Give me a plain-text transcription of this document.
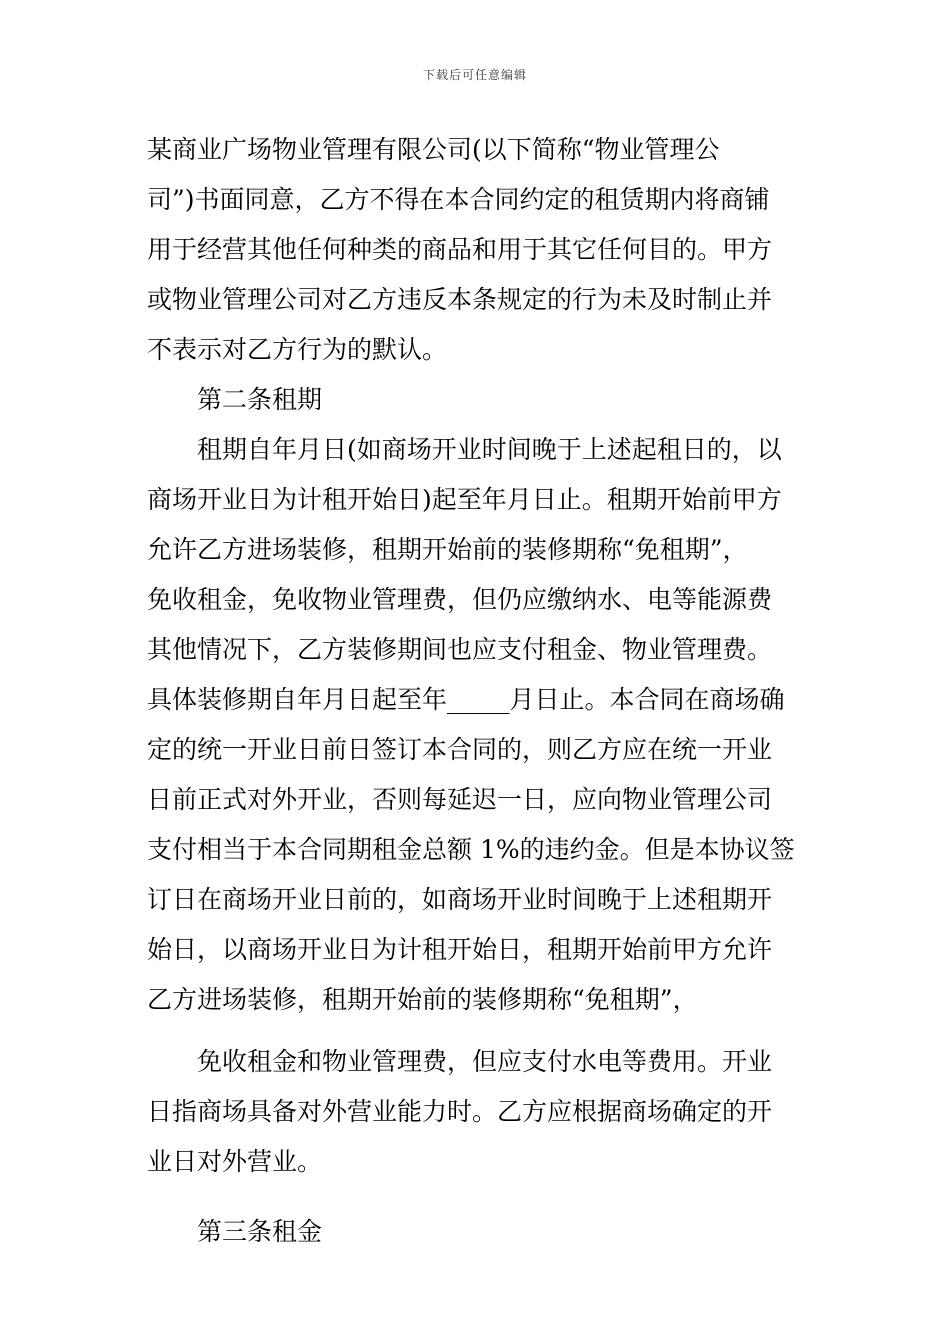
下载后可任意编辑
某商业广场物业管理有限公司(以下简称“物业管理公
司”)书面同意，乙方不得在本合同约定的租赁期内将商铺
用于经营其他任何种类的商品和用于其它任何目的。甲方
或物业管理公司对乙方违反本条规定的行为未及时制止并
不表示对乙方行为的默认。
第二条租期
租期自年月日(如商场开业时间晚于上述起租日的，以
商场开业日为计租开始日)起至年月日止。租期开始前甲方
允许乙方进场装修，租期开始前的装修期称“免租期”，
免收租金，免收物业管理费，但仍应缴纳水、电等能源费
其他情况下，乙方装修期间也应支付租金、物业管理费。
具体装修期自年月日起至年_____月日止。本合同在商场确
定的统一开业日前日签订本合同的，则乙方应在统一开业
日前正式对外开业，否则每延迟一日，应向物业管理公司
支付相当于本合同期租金总额 1%的违约金。但是本协议签
订日在商场开业日前的，如商场开业时间晚于上述租期开
始日，以商场开业日为计租开始日，租期开始前甲方允许
乙方进场装修，租期开始前的装修期称“免租期”，
免收租金和物业管理费，但应支付水电等费用。开业
日指商场具备对外营业能力时。乙方应根据商场确定的开
业日对外营业。
第三条租金
